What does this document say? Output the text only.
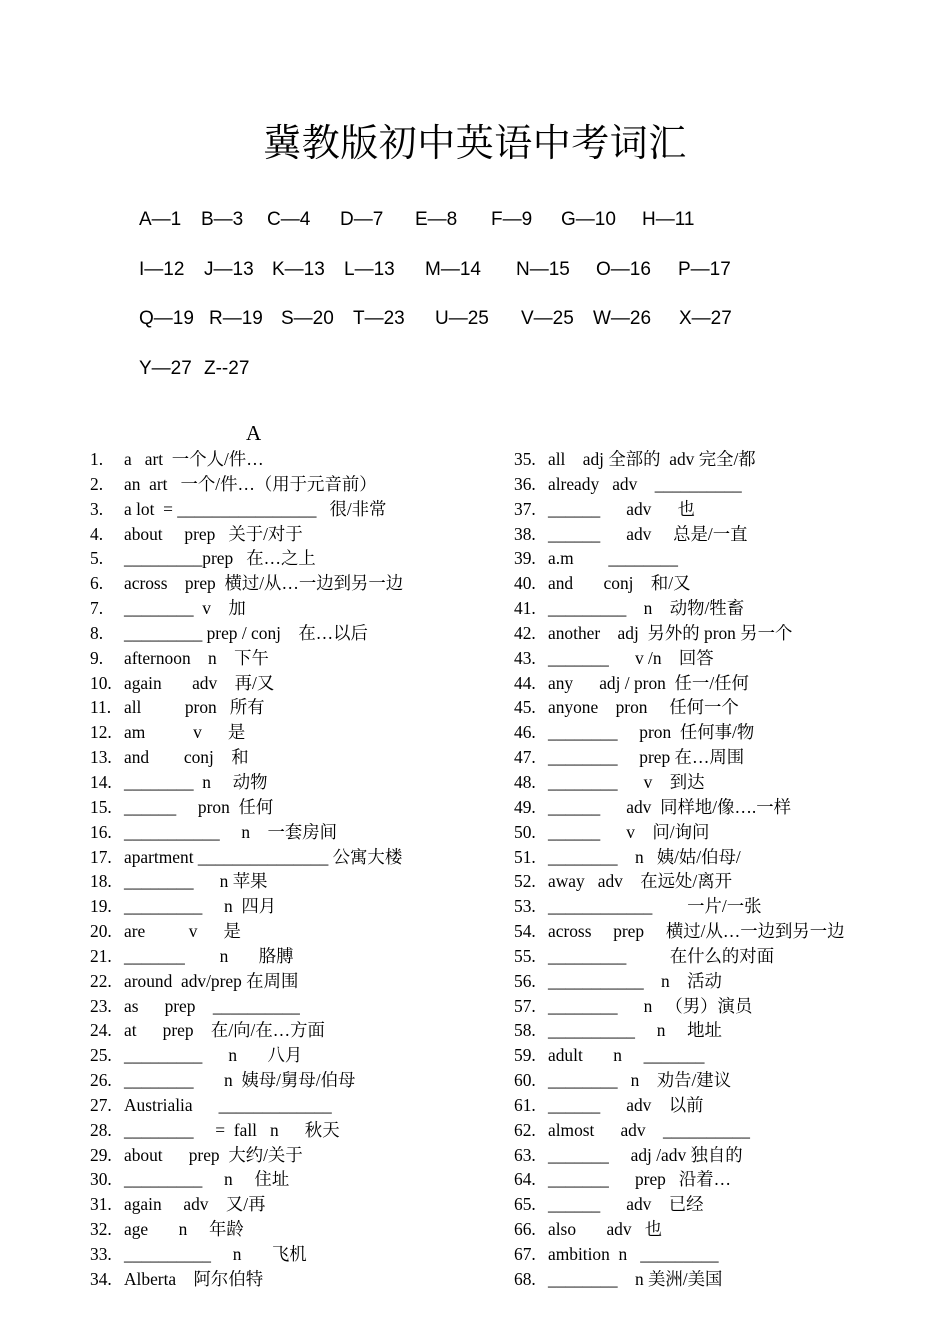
冀教版初中英语中考词汇
A—1 B—3 C—4 D—7 E—8 F—9 G—10 H—11
I—12 J—13 K—13 L—13 M—14 N—15 O—16 P—17
Q—19 R—19 S—20 T—23 U—25 V—25 W—26 X—27
Y—27 Z--27
A
1. a   art  一个人/件…
2. an  art   一个/件…（用于元音前）
3. a lot  = ________________   很/非常
4. about     prep   关于/对于
5. _________prep   在…之上
6. across    prep  横过/从…一边到另一边
7. ________  v    加
8. _________ prep / conj    在…以后
9. afternoon    n    下午
10. again       adv    再/又
11. all          pron   所有
12. am           v      是
13. and        conj    和
14. ________  n     动物
15. ______     pron  任何
16. ___________     n    一套房间
17. apartment _______________ 公寓大楼
18. ________      n 苹果
19. _________     n  四月
20. are          v      是
21. _______        n       胳膊
22. around  adv/prep 在周围
23. as      prep    __________
24. at      prep    在/向/在…方面
25. _________      n       八月
26. ________       n  姨母/舅母/伯母
27. Austrialia      _____________
28. ________     =  fall   n      秋天
29. about      prep  大约/关于
30. _________     n     住址
31. again     adv    又/再
32. age       n     年龄
33. __________     n       飞机
34. Alberta    阿尔伯特
35. all    adj 全部的  adv 完全/都
36. already   adv    __________
37. ______      adv      也
38. ______      adv     总是/一直
39. a.m        ________
40. and       conj    和/又
41. _________    n    动物/牲畜
42. another    adj  另外的 pron 另一个
43. _______      v /n    回答
44. any      adj / pron  任一/任何
45. anyone    pron     任何一个
46. ________     pron  任何事/物
47. ________     prep 在…周围
48. ________      v    到达
49. ______      adv  同样地/像….一样
50. ______      v    问/询问
51. ________    n   姨/姑/伯母/
52. away   adv    在远处/离开
53. ____________        一片/一张
54. across     prep     横过/从…一边到另一边
55. _________          在什么的对面
56. ___________    n    活动
57. ________      n   （男）演员
58. __________     n     地址
59. adult       n     _______
60. ________   n    劝告/建议
61. ______      adv    以前
62. almost      adv    __________
63. _______     adj /adv 独自的
64. _______      prep   沿着…
65. ______      adv    已经
66. also       adv   也
67. ambition  n   _________
68. ________    n 美洲/美国
